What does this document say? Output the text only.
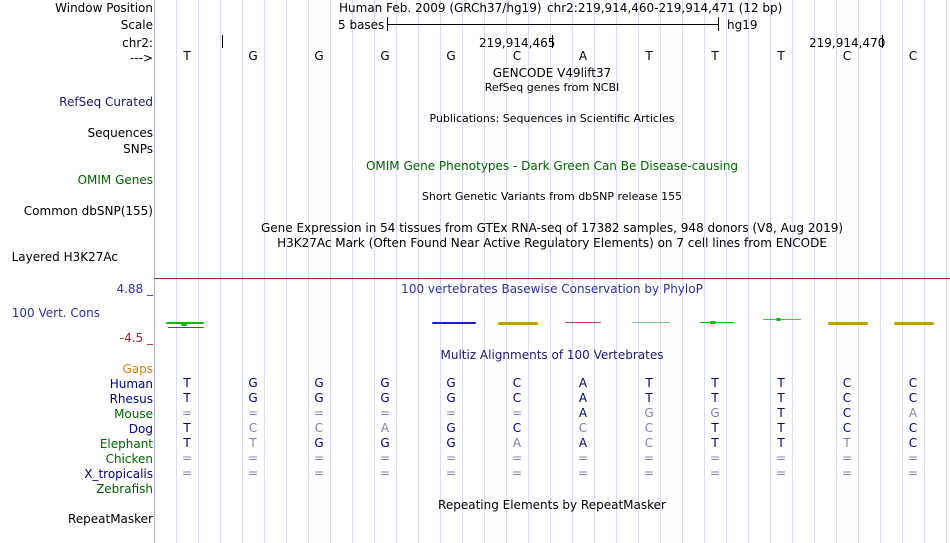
Window Position	Human Feb. 2009 (GRCh37/hg19) chr2:219,914,460-219,914,471 (12 bp)
Scale	5 bases	hg19
chr2:	219,914,465	219,914,470
--->
GENCODE V49lift37
RefSeq genes from NCBI
RefSeq Curated
Publications: Sequences in Scientific Articles
Sequences
SNPs
OMIM Gene Phenotypes - Dark Green Can Be Disease-causing
OMIM Genes
Short Genetic Variants from dbSNP release 155
Common dbSNP(155)
Gene Expression in 54 tissues from GTEx RNA-seq of 17382 samples, 948 donors (V8, Aug 2019)
H3K27Ac Mark (Often Found Near Active Regulatory Elements) on 7 cell lines from ENCODE
Layered H3K27Ac
4.88 _	100 vertebrates Basewise Conservation by PhyloP
100 Vert. Cons
-4.5 _
Multiz Alignments of 100 Vertebrates
Gaps
Repeating Elements by RepeatMasker
RepeatMasker
T	G	G	G	G	C	A	T	T	T	C	C
Human	T	G	G	G	G	C	A	T	T	T	C	C
Rhesus	T	G	G	G	G	C	A	T	T	T	C	C
Mouse =	=	=	=	=	=	A	G	G	T	C	A
Dog	T	C	C	A	G	C	C	C	T	T	C	C
Elephant	T	T	G	G	G	A	A	C	T	T	T	C
Chicken =	=	=	=	=	=	=	=	=	=	=	=
X_tropicalis =	=	=	=	=	=	=	=	=	=	=	=
Zebrafish
